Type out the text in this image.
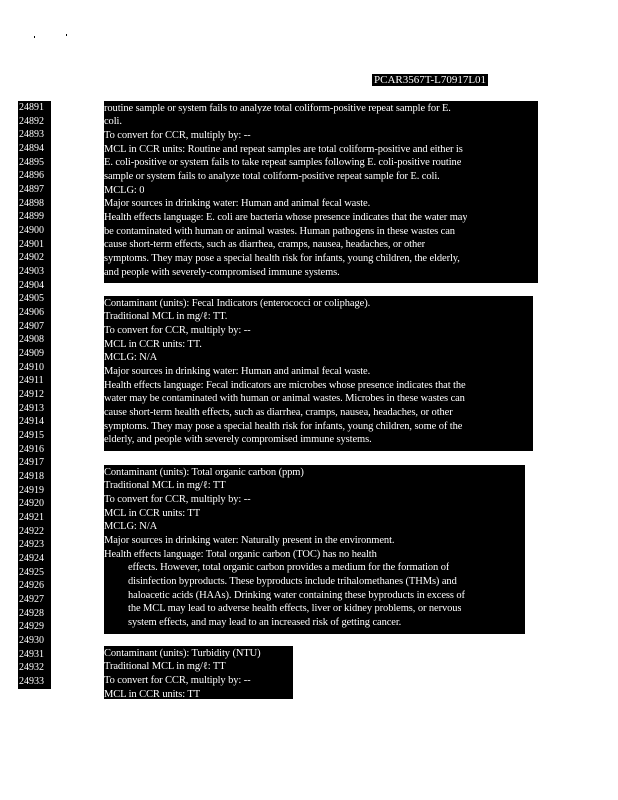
PCAR3567T-L70917L01
24891
24892
24893
24894
24895
24896
24897
24898
24899
24900
24901
24902
24903
24904
24905
24906
24907
24908
24909
24910
24911
24912
24913
24914
24915
24916
24917
24918
24919
24920
24921
24922
24923
24924
24925
24926
24927
24928
24929
24930
24931
24932
24933
routine sample or system fails to analyze total coliform-positive repeat sample for E.
coli.
To convert for CCR, multiply by: --
MCL in CCR units: Routine and repeat samples are total coliform-positive and either is
E. coli-positive or system fails to take repeat samples following E. coli-positive routine
sample or system fails to analyze total coliform-positive repeat sample for E. coli.
MCLG: 0
Major sources in drinking water: Human and animal fecal waste.
Health effects language: E. coli are bacteria whose presence indicates that the water may
be contaminated with human or animal wastes. Human pathogens in these wastes can
cause short-term effects, such as diarrhea, cramps, nausea, headaches, or other
symptoms. They may pose a special health risk for infants, young children, the elderly,
and people with severely-compromised immune systems.
Contaminant (units): Fecal Indicators (enterococci or coliphage).
Traditional MCL in mg/ℓ: TT.
To convert for CCR, multiply by: --
MCL in CCR units: TT.
MCLG: N/A
Major sources in drinking water: Human and animal fecal waste.
Health effects language: Fecal indicators are microbes whose presence indicates that the
water may be contaminated with human or animal wastes. Microbes in these wastes can
cause short-term health effects, such as diarrhea, cramps, nausea, headaches, or other
symptoms. They may pose a special health risk for infants, young children, some of the
elderly, and people with severely compromised immune systems.
Contaminant (units): Total organic carbon (ppm)
Traditional MCL in mg/ℓ: TT
To convert for CCR, multiply by: --
MCL in CCR units: TT
MCLG: N/A
Major sources in drinking water: Naturally present in the environment.
Health effects language: Total organic carbon (TOC) has no health
effects. However, total organic carbon provides a medium for the formation of
disinfection byproducts. These byproducts include trihalomethanes (THMs) and
haloacetic acids (HAAs). Drinking water containing these byproducts in excess of
the MCL may lead to adverse health effects, liver or kidney problems, or nervous
system effects, and may lead to an increased risk of getting cancer.
Contaminant (units): Turbidity (NTU)
Traditional MCL in mg/ℓ: TT
To convert for CCR, multiply by: --
MCL in CCR units: TT
